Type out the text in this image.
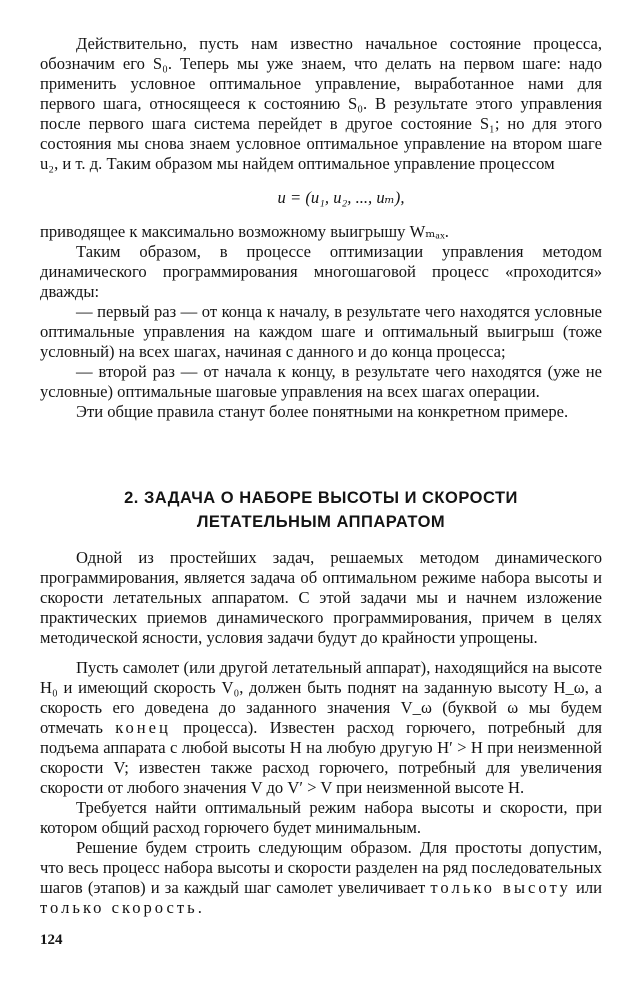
Действительно, пусть нам известно начальное состояние процесса, обозначим его S₀. Теперь мы уже знаем, что делать на первом шаге: надо применить условное оптимальное управление, выработанное нами для первого шага, относящееся к состоянию S₀. В результате этого управления после первого шага система перейдет в другое состояние S₁; но для этого состояния мы снова знаем условное оптимальное управление на втором шаге u₂, и т. д. Таким образом мы найдем оптимальное управление процессом

u = (u₁, u₂, ..., uₘ),

приводящее к максимально возможному выигрышу Wₘₐₓ.

Таким образом, в процессе оптимизации управления методом динамического программирования многошаговой процесс «проходится» дважды:

— первый раз — от конца к началу, в результате чего находятся условные оптимальные управления на каждом шаге и оптимальный выигрыш (тоже условный) на всех шагах, начиная с данного и до конца процесса;

— второй раз — от начала к концу, в результате чего находятся (уже не условные) оптимальные шаговые управления на всех шагах операции.

Эти общие правила станут более понятными на конкретном примере.

2. ЗАДАЧА О НАБОРЕ ВЫСОТЫ И СКОРОСТИ
ЛЕТАТЕЛЬНЫМ АППАРАТОМ

Одной из простейших задач, решаемых методом динамического программирования, является задача об оптимальном режиме набора высоты и скорости летательных аппаратом. С этой задачи мы и начнем изложение практических приемов динамического программирования, причем в целях методической ясности, условия задачи будут до крайности упрощены.

Пусть самолет (или другой летательный аппарат), находящийся на высоте H₀ и имеющий скорость V₀, должен быть поднят на заданную высоту H_ω, а скорость его доведена до заданного значения V_ω (буквой ω мы будем отмечать конец процесса). Известен расход горючего, потребный для подъема аппарата с любой высоты H на любую другую H′ > H при неизменной скорости V; известен также расход горючего, потребный для увеличения скорости от любого значения V до V′ > V при неизменной высоте H.

Требуется найти оптимальный режим набора высоты и скорости, при котором общий расход горючего будет минимальным.

Решение будем строить следующим образом. Для простоты допустим, что весь процесс набора высоты и скорости разделен на ряд последовательных шагов (этапов) и за каждый шаг самолет увеличивает только высоту или только скорость.

124
